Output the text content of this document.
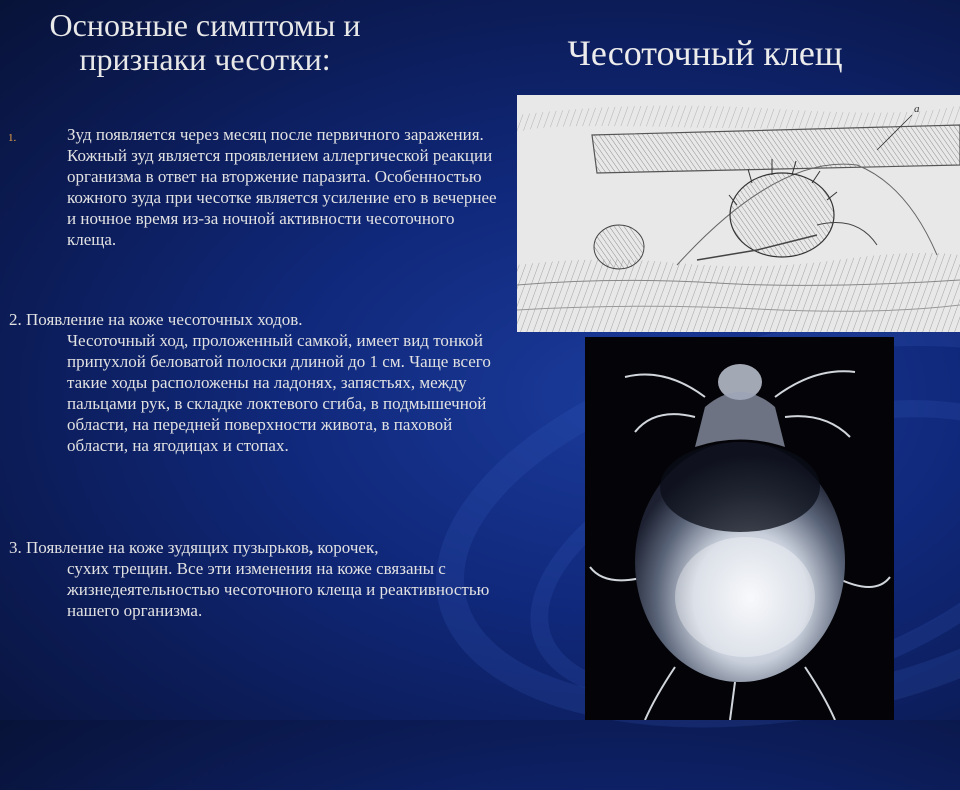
Основные симптомы и признаки чесотки:	Чесоточный клещ
1.	Зуд появляется через месяц после первичного заражения. Кожный зуд является проявлением аллергической реакции организма в ответ на вторжение паразита. Особенностью кожного зуда при чесотке является усиление его в вечернее и ночное время из-за ночной активности чесоточного клеща.
2. Появление на коже чесоточных ходов.
Чесоточный ход, проложенный самкой, имеет вид тонкой припухлой беловатой полоски длиной до 1 см. Чаще всего такие ходы расположены на ладонях, запястьях, между пальцами рук, в складке локтевого сгиба, в подмышечной области, на передней поверхности живота, в паховой области, на ягодицах и стопах.
3. Появление на коже зудящих пузырьков, корочек,
сухих трещин. Все эти изменения на коже связаны с жизнедеятельностью чесоточного клеща и реактивностью нашего организма.
а
